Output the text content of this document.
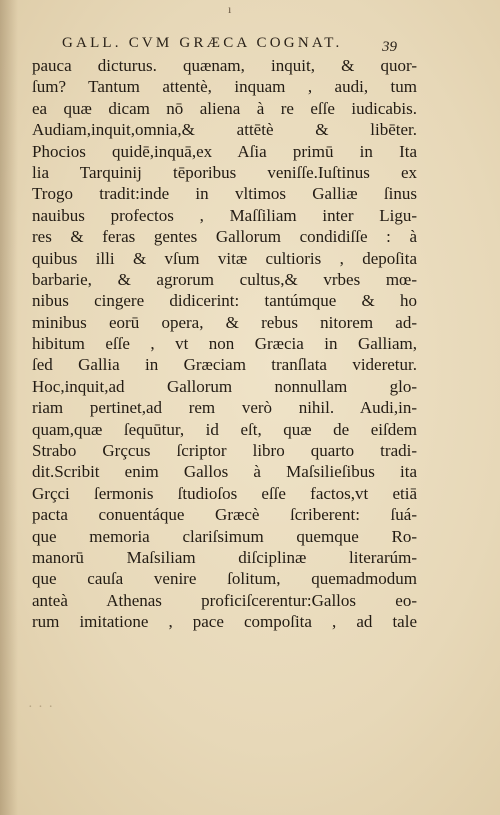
ı
GALL. CVM GRÆCA COGNAT.	39
pauca dicturus. quænam, inquit, & quor-
ſum? Tantum attentè, inquam , audi, tum
ea quæ dicam nō aliena à re eſſe iudicabis.
Audiam,inquit,omnia,& attētè & libēter.
Phocios quidē,inquā,ex Aſia primū in Ita
lia Tarquinij tēporibus veniſſe.Iuſtinus ex
Trogo tradit:inde in vltimos Galliæ ſinus
nauibus profectos , Maſſiliam inter Ligu-
res & feras gentes Gallorum condidiſſe : à
quibus illi & vſum vitæ cultioris , depoſita
barbarie, & agrorum cultus,& vrbes mœ-
nibus cingere didicerint: tantúmque & ho
minibus eorū opera, & rebus nitorem ad-
hibitum eſſe , vt non Græcia in Galliam,
ſed Gallia in Græciam tranſlata videretur.
Hoc,inquit,ad Gallorum nonnullam glo-
riam pertinet,ad rem verò nihil. Audi,in-
quam,quæ ſequūtur, id eſt, quæ de eiſdem
Strabo Grçcus ſcriptor libro quarto tradi-
dit.Scribit enim Gallos à Maſsilieſibus ita
Grçci ſermonis ſtudioſos eſſe factos,vt etiā
pacta conuentáque Græcè ſcriberent: ſuá-
que memoria clariſsimum quemque Ro-
manorū Maſsiliam diſciplinæ literarúm-
que cauſa venire ſolitum, quemadmodum
anteà Athenas proficiſcerentur:Gallos eo-
rum imitatione , pace compoſita , ad tale
· · ·
